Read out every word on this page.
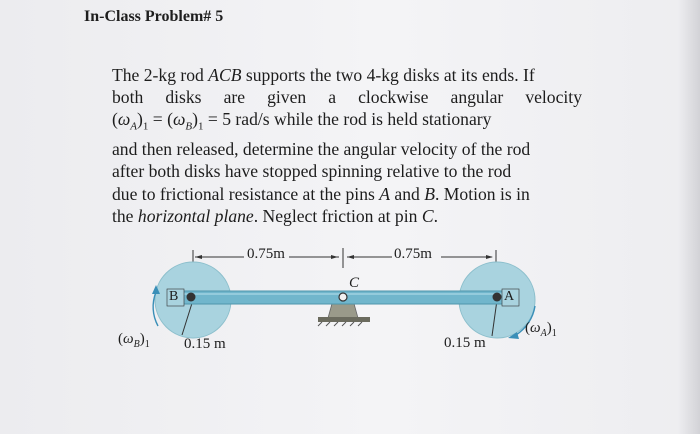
In-Class Problem# 5
The 2-kg rod ACB supports the two 4-kg disks at its ends. If
both disks are given a clockwise angular velocity
$(\omega_A)_1 = (\omega_B)_1 = 5$ rad/s while the rod is held stationary
and then released, determine the angular velocity of the rod
after both disks have stopped spinning relative to the rod
due to frictional resistance at the pins A and B. Motion is in
the horizontal plane. Neglect friction at pin C.
0.75m	0.75m
C
B	A
0.15 m	0.15 m
$(\omega_B)_1$
$(\omega_A)_1$
